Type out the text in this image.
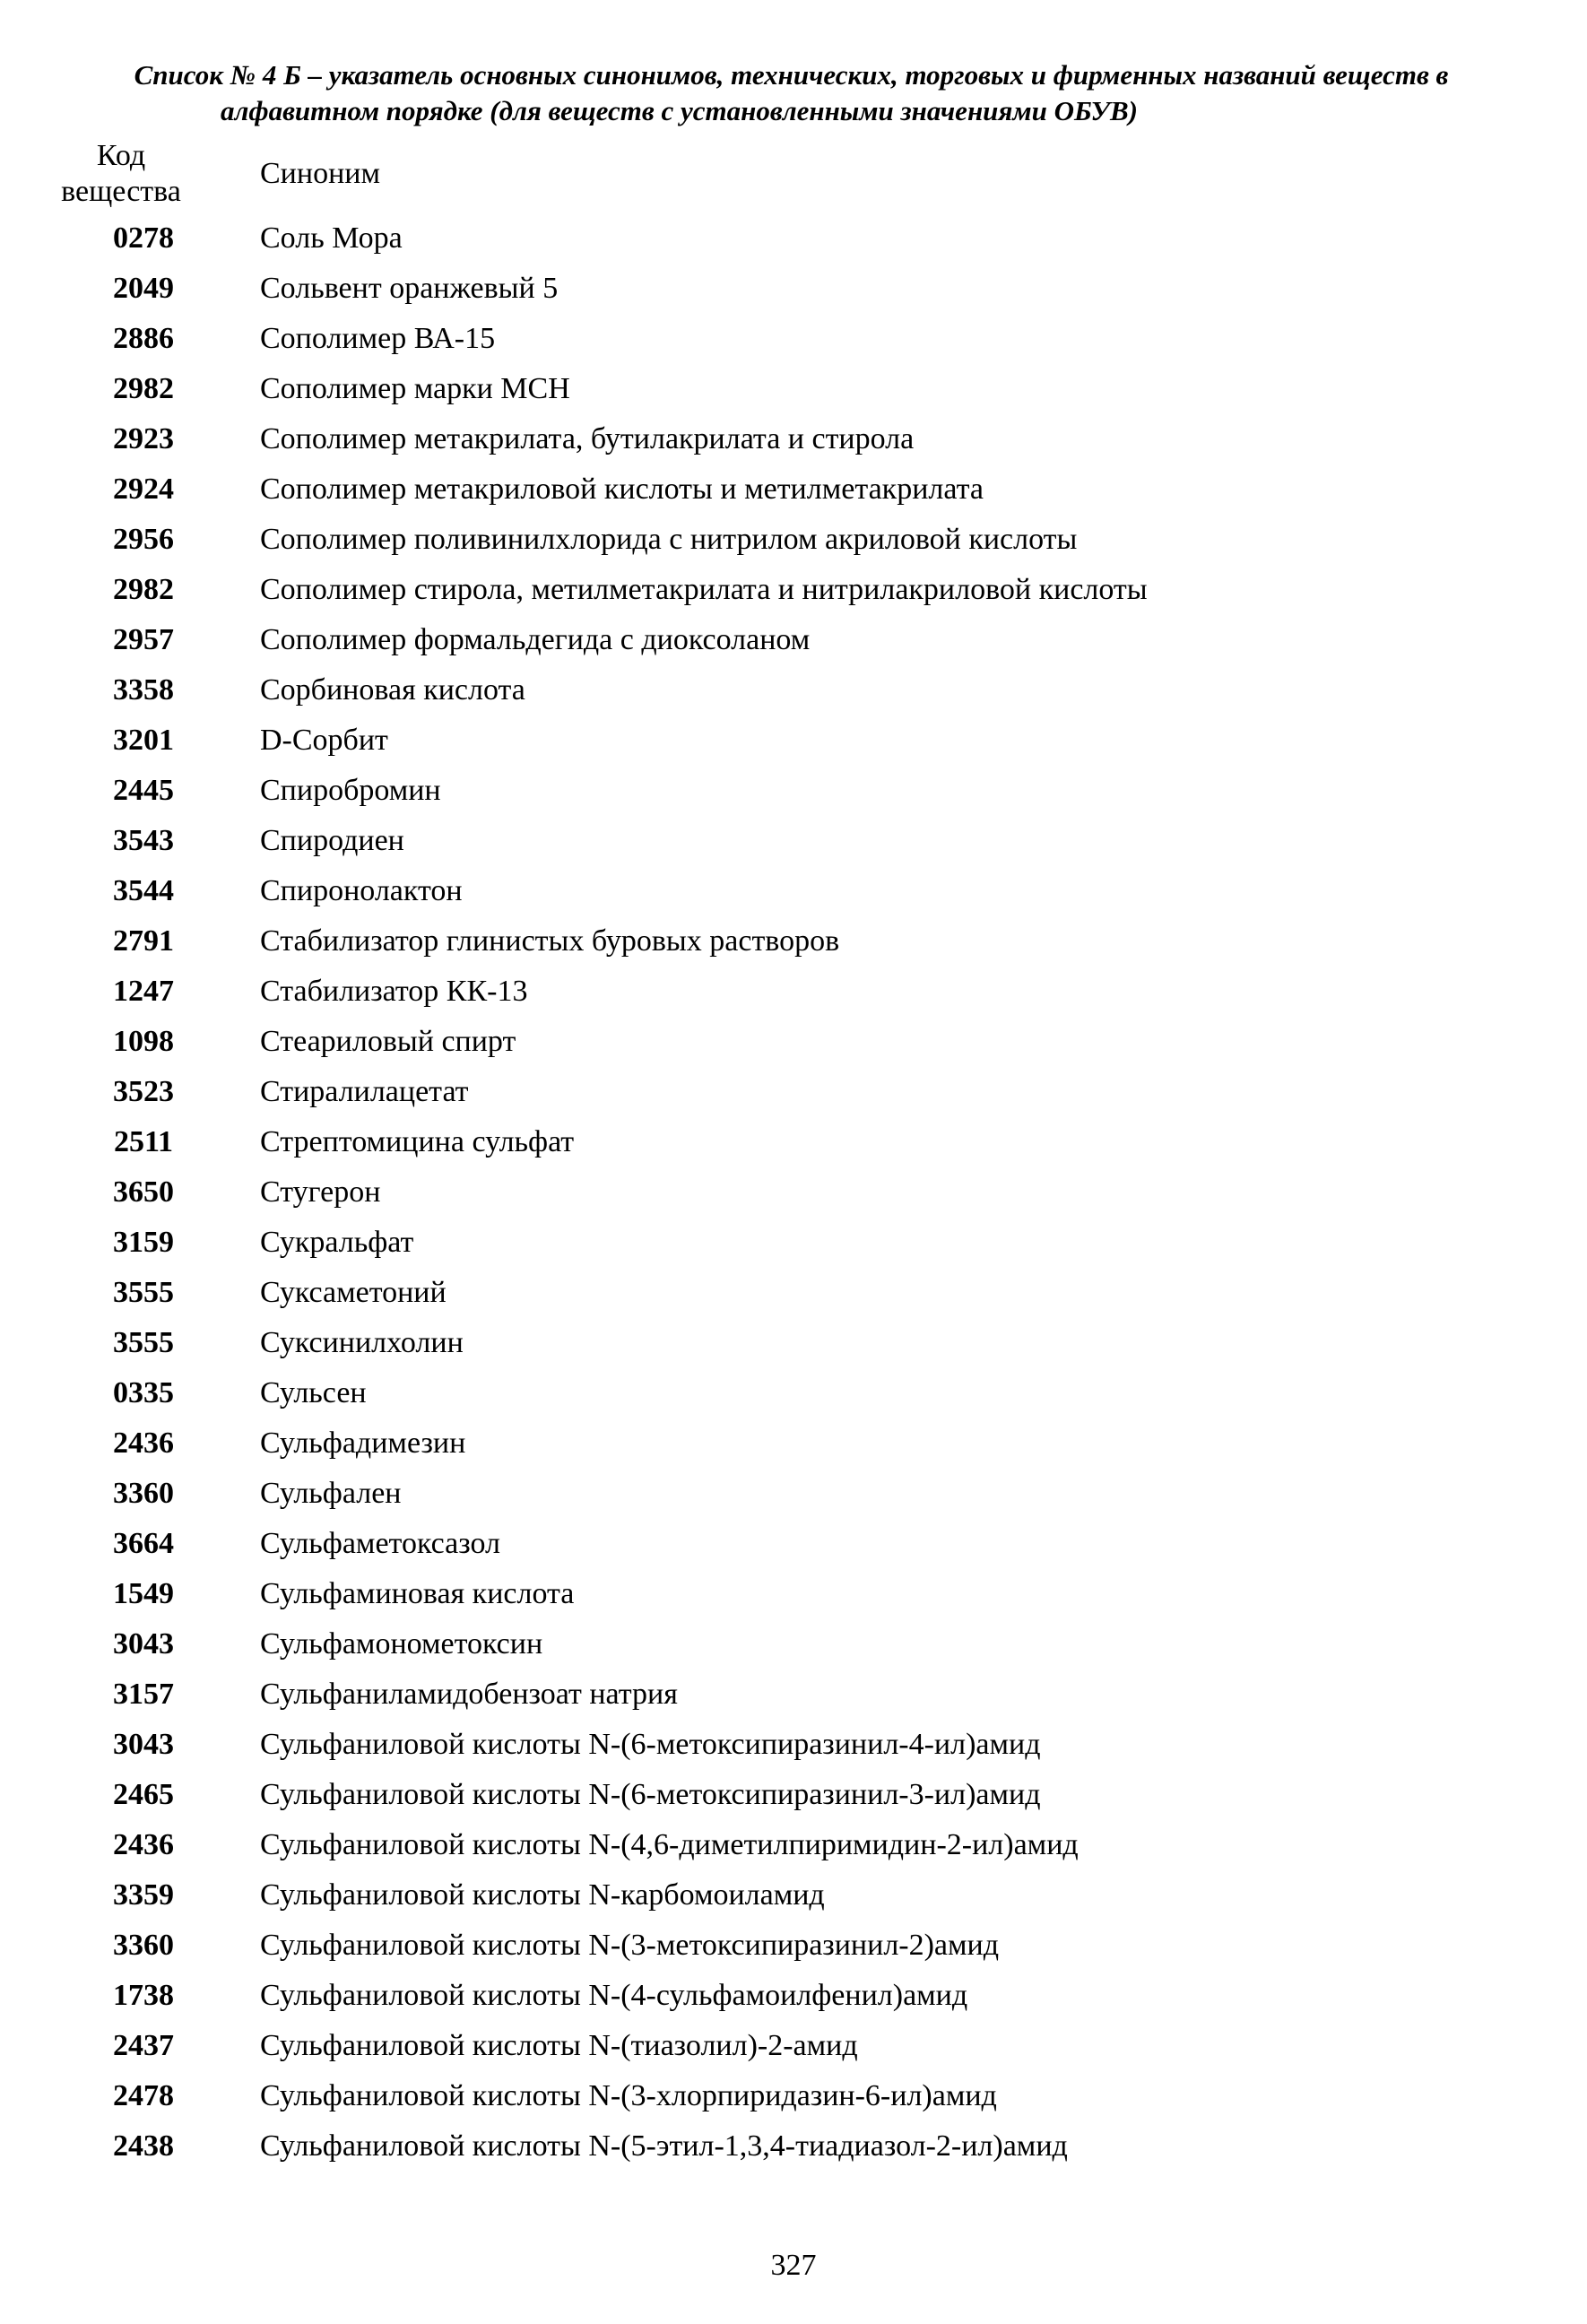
Список № 4 Б – указатель основных синонимов, технических, торговых и фирменных названий веществ в
алфавитном порядке (для веществ с установленными значениями ОБУВ)
Код вещества
Синоним
0278	Соль Мора
2049	Сольвент оранжевый 5
2886	Сополимер ВА-15
2982	Сополимер марки МСН
2923	Сополимер метакрилата, бутилакрилата и стирола
2924	Сополимер метакриловой кислоты и метилметакрилата
2956	Сополимер поливинилхлорида с нитрилом акриловой кислоты
2982	Сополимер стирола, метилметакрилата и нитрилакриловой кислоты
2957	Сополимер формальдегида с диоксоланом
3358	Сорбиновая кислота
3201	D-Сорбит
2445	Спиробромин
3543	Спиродиен
3544	Спиронолактон
2791	Стабилизатор глинистых буровых растворов
1247	Стабилизатор КК-13
1098	Стеариловый спирт
3523	Стиралилацетат
2511	Стрептомицина сульфат
3650	Стугерон
3159	Сукральфат
3555	Суксаметоний
3555	Суксинилхолин
0335	Сульсен
2436	Сульфадимезин
3360	Сульфален
3664	Сульфаметоксазол
1549	Сульфаминовая кислота
3043	Сульфамонометоксин
3157	Сульфаниламидобензоат натрия
3043	Сульфаниловой кислоты N-(6-метоксипиразинил-4-ил)амид
2465	Сульфаниловой кислоты N-(6-метоксипиразинил-3-ил)амид
2436	Сульфаниловой кислоты N-(4,6-диметилпиримидин-2-ил)амид
3359	Сульфаниловой кислоты N-карбомоиламид
3360	Сульфаниловой кислоты N-(3-метоксипиразинил-2)амид
1738	Сульфаниловой кислоты N-(4-сульфамоилфенил)амид
2437	Сульфаниловой кислоты N-(тиазолил)-2-амид
2478	Сульфаниловой кислоты N-(3-хлорпиридазин-6-ил)амид
2438	Сульфаниловой кислоты N-(5-этил-1,3,4-тиадиазол-2-ил)амид
327
